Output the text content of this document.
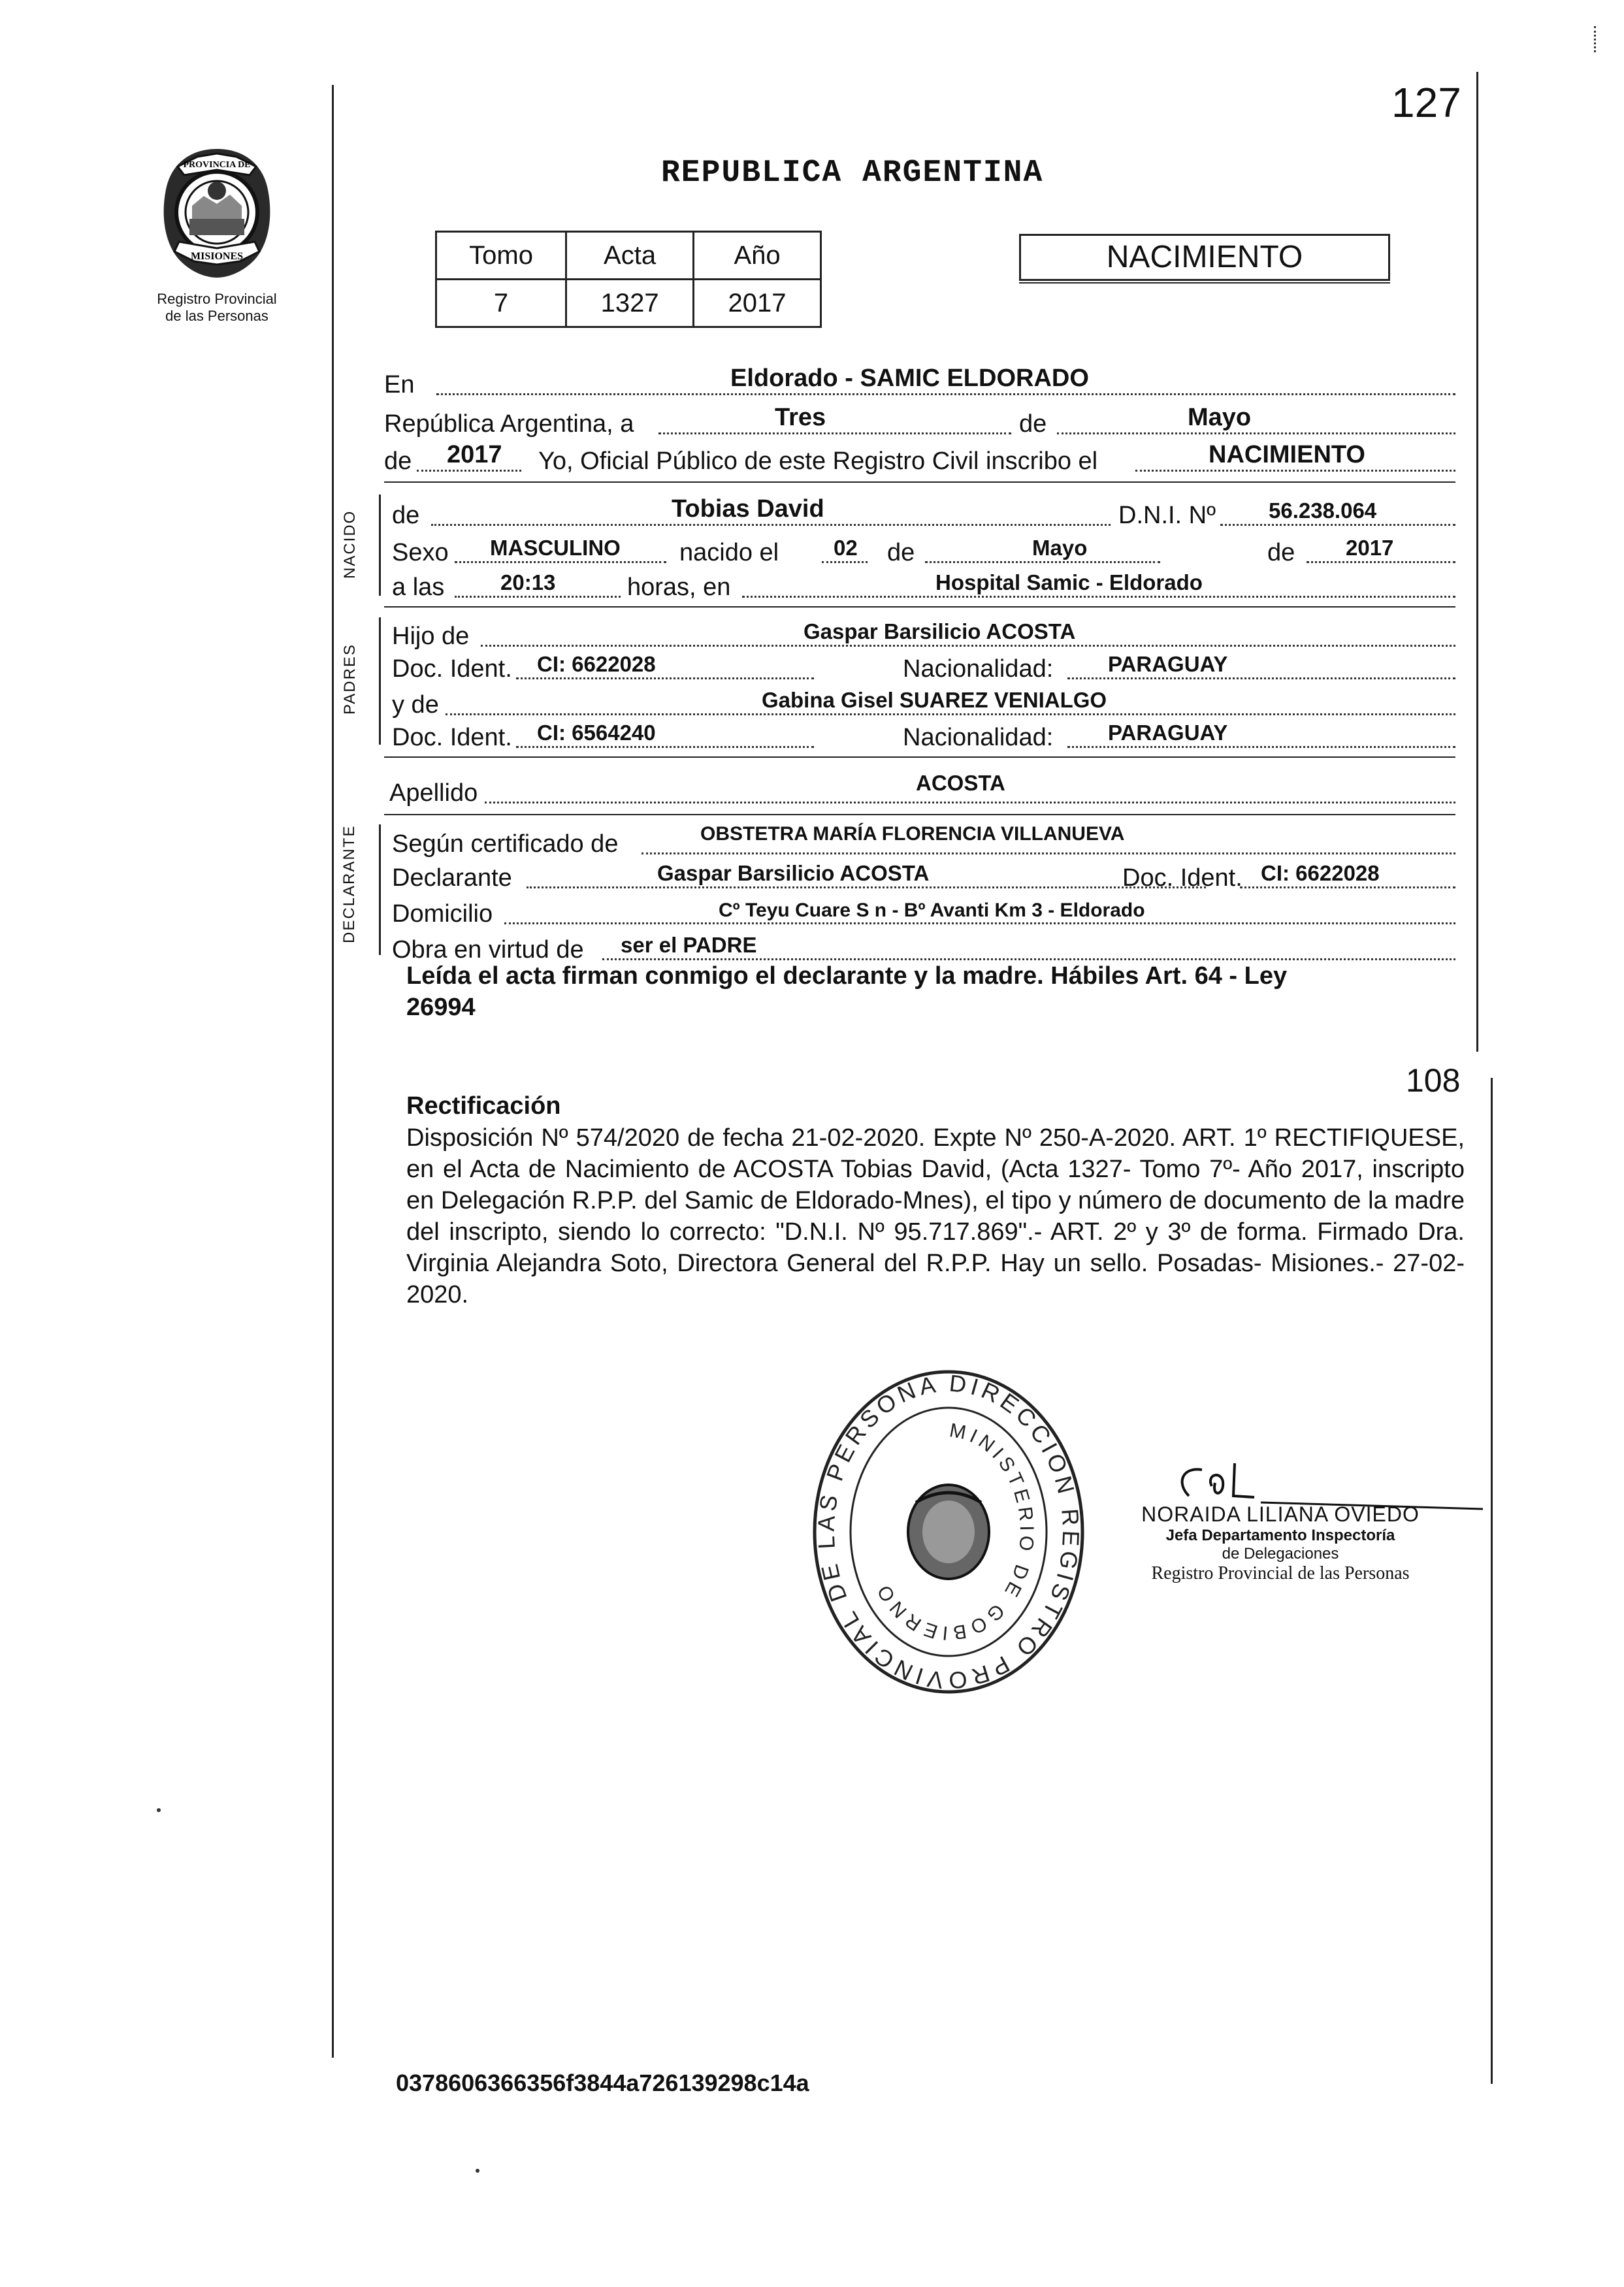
127
PROVINCIA DE
MISIONES
Registro Provincial
de las Personas
REPUBLICA ARGENTINA
Tomo	Acta	Año
7	1327	2017
NACIMIENTO
En	Eldorado - SAMIC ELDORADO
República Argentina, a	Tres	de	Mayo
de 2017 Yo, Oficial Público de este Registro Civil inscribo el	NACIMIENTO
NACIDO de	Tobias David	D.N.I. Nº 56.238.064
Sexo MASCULINO nacido el	02 de	Mayo	de 2017
a las	20:13	horas, en	Hospital Samic - Eldorado
PADRES
Hijo de	Gaspar Barsilicio ACOSTA
Doc. Ident. CI: 6622028	Nacionalidad:	PARAGUAY
y de	Gabina Gisel SUAREZ VENIALGO
Doc. Ident. CI: 6564240	Nacionalidad:	PARAGUAY
Apellido	ACOSTA
DECLARANTE Según certificado de	OBSTETRA MARÍA FLORENCIA VILLANUEVA
Declarante	Gaspar Barsilicio ACOSTA	Doc. Ident. CI: 6622028
Domicilio	Cº Teyu Cuare S n - Bº Avanti Km 3 - Eldorado
Obra en virtud de ser el PADRE
Leída el acta firman conmigo el declarante y la madre. Hábiles Art. 64 - Ley
26994
108
Rectificación
Disposición Nº 574/2020 de fecha 21-02-2020. Expte Nº 250-A-2020. ART. 1º RECTIFIQUESE, en el Acta de Nacimiento de ACOSTA Tobias David, (Acta 1327- Tomo 7º- Año 2017, inscripto en Delegación R.P.P. del Samic de Eldorado-Mnes), el tipo y número de documento de la madre del inscripto, siendo lo correcto: "D.N.I. Nº 95.717.869".- ART. 2º y 3º de forma. Firmado Dra. Virginia Alejandra Soto, Directora General del R.P.P. Hay un sello. Posadas- Misiones.- 27-02-2020.
DIRECCION REGISTRO PROVINCIAL DE LAS PERSONA
MINISTERIO DE GOBIERNO
NORAIDA LILIANA OVIEDO
Jefa Departamento Inspectoría
de Delegaciones
Registro Provincial de las Personas
0378606366356f3844a726139298c14a
